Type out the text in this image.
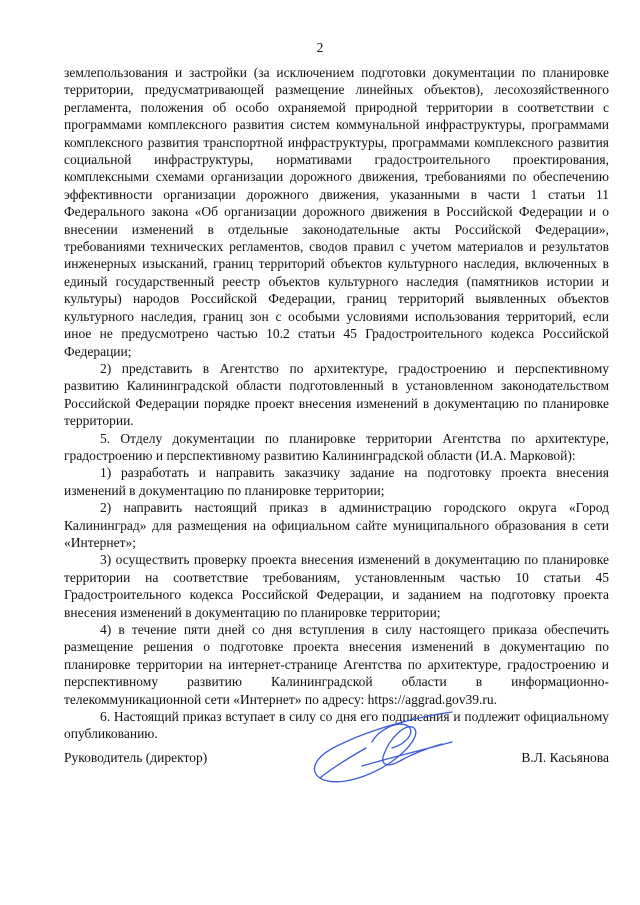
2

землепользования и застройки (за исключением подготовки документации по планировке территории, предусматривающей размещение линейных объектов), лесохозяйственного регламента, положения об особо охраняемой природной территории в соответствии с программами комплексного развития систем коммунальной инфраструктуры, программами комплексного развития транспортной инфраструктуры, программами комплексного развития социальной инфраструктуры, нормативами градостроительного проектирования, комплексными схемами организации дорожного движения, требованиями по обеспечению эффективности организации дорожного движения, указанными в части 1 статьи 11 Федерального закона «Об организации дорожного движения в Российской Федерации и о внесении изменений в отдельные законодательные акты Российской Федерации», требованиями технических регламентов, сводов правил с учетом материалов и результатов инженерных изысканий, границ территорий объектов культурного наследия, включенных в единый государственный реестр объектов культурного наследия (памятников истории и культуры) народов Российской Федерации, границ территорий выявленных объектов культурного наследия, границ зон с особыми условиями использования территорий, если иное не предусмотрено частью 10.2 статьи 45 Градостроительного кодекса Российской Федерации;

2) представить в Агентство по архитектуре, градостроению и перспективному развитию Калининградской области подготовленный в установленном законодательством Российской Федерации порядке проект внесения изменений в документацию по планировке территории.

5. Отделу документации по планировке территории Агентства по архитектуре, градостроению и перспективному развитию Калининградской области (И.А. Марковой):

1) разработать и направить заказчику задание на подготовку проекта внесения изменений в документацию по планировке территории;

2) направить настоящий приказ в администрацию городского округа «Город Калининград» для размещения на официальном сайте муниципального образования в сети «Интернет»;

3) осуществить проверку проекта внесения изменений в документацию по планировке территории на соответствие требованиям, установленным частью 10 статьи 45 Градостроительного кодекса Российской Федерации, и заданием на подготовку проекта внесения изменений в документацию по планировке территории;

4) в течение пяти дней со дня вступления в силу настоящего приказа обеспечить размещение решения о подготовке проекта внесения изменений в документацию по планировке территории на интернет-странице Агентства по архитектуре, градостроению и перспективному развитию Калининградской области в информационно-телекоммуникационной сети «Интернет» по адресу: https://aggrad.gov39.ru.

6. Настоящий приказ вступает в силу со дня его подписания и подлежит официальному опубликованию.

Руководитель (директор)	В.Л. Касьянова
